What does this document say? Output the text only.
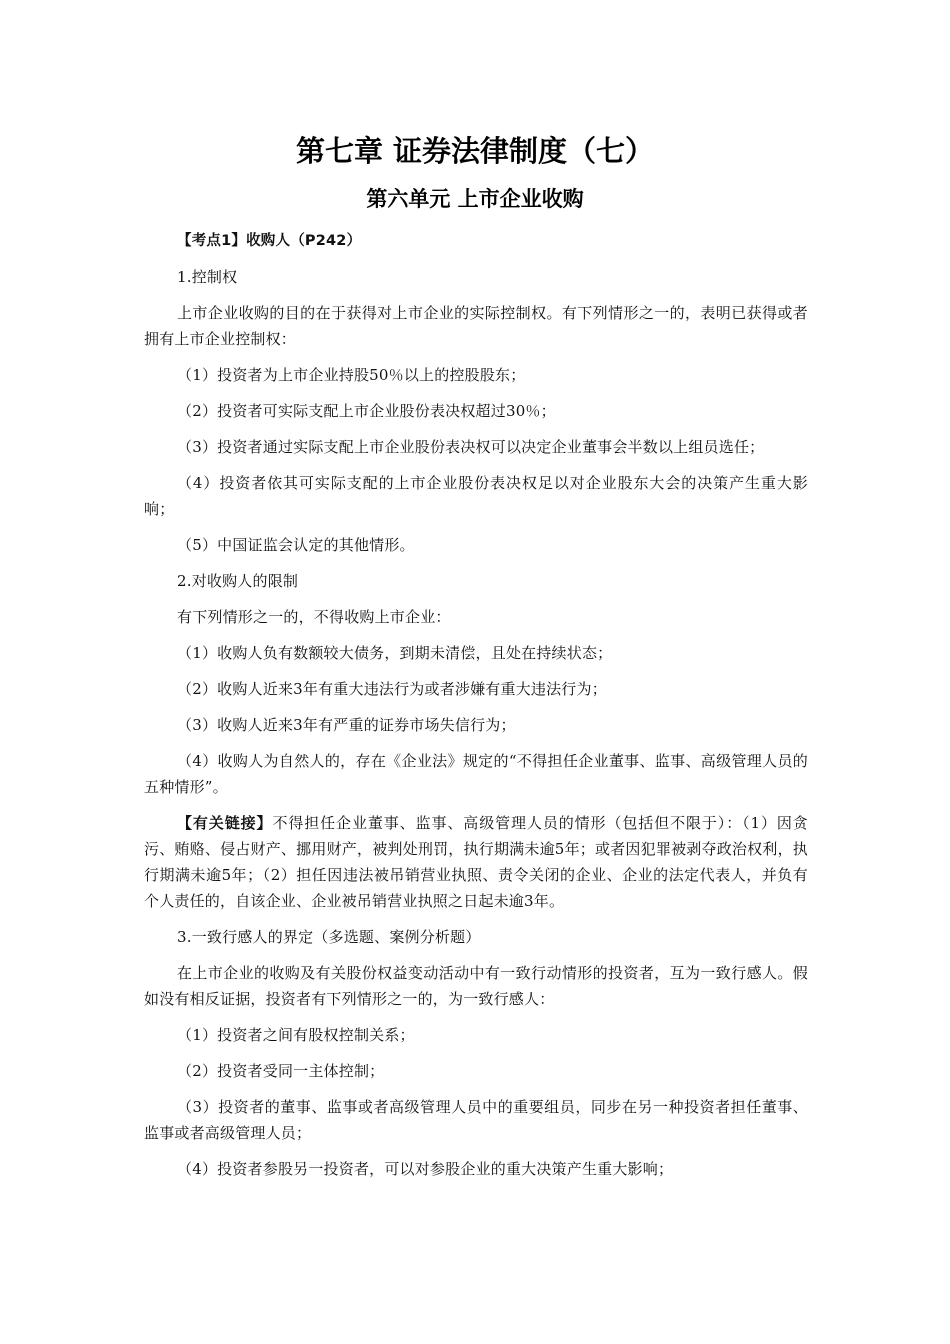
第七章 证券法律制度（七）
第六单元 上市企业收购

【考点1】收购人（P242）

1.控制权

上市企业收购的目的在于获得对上市企业的实际控制权。有下列情形之一的，表明已获得或者拥有上市企业控制权：

（1）投资者为上市企业持股50％以上的控股股东；

（2）投资者可实际支配上市企业股份表决权超过30％；

（3）投资者通过实际支配上市企业股份表决权可以决定企业董事会半数以上组员选任；

（4）投资者依其可实际支配的上市企业股份表决权足以对企业股东大会的决策产生重大影响；

（5）中国证监会认定的其他情形。

2.对收购人的限制

有下列情形之一的，不得收购上市企业：

（1）收购人负有数额较大债务，到期未清偿，且处在持续状态；

（2）收购人近来3年有重大违法行为或者涉嫌有重大违法行为；

（3）收购人近来3年有严重的证券市场失信行为；

（4）收购人为自然人的，存在《企业法》规定的“不得担任企业董事、监事、高级管理人员的五种情形”。

【有关链接】不得担任企业董事、监事、高级管理人员的情形（包括但不限于）：（1）因贪污、贿赂、侵占财产、挪用财产，被判处刑罚，执行期满未逾5年；或者因犯罪被剥夺政治权利，执行期满未逾5年；（2）担任因违法被吊销营业执照、责令关闭的企业、企业的法定代表人，并负有个人责任的，自该企业、企业被吊销营业执照之日起未逾3年。

3.一致行感人的界定（多选题、案例分析题）

在上市企业的收购及有关股份权益变动活动中有一致行动情形的投资者，互为一致行感人。假如没有相反证据，投资者有下列情形之一的，为一致行感人：

（1）投资者之间有股权控制关系；

（2）投资者受同一主体控制；

（3）投资者的董事、监事或者高级管理人员中的重要组员，同步在另一种投资者担任董事、监事或者高级管理人员；

（4）投资者参股另一投资者，可以对参股企业的重大决策产生重大影响；
